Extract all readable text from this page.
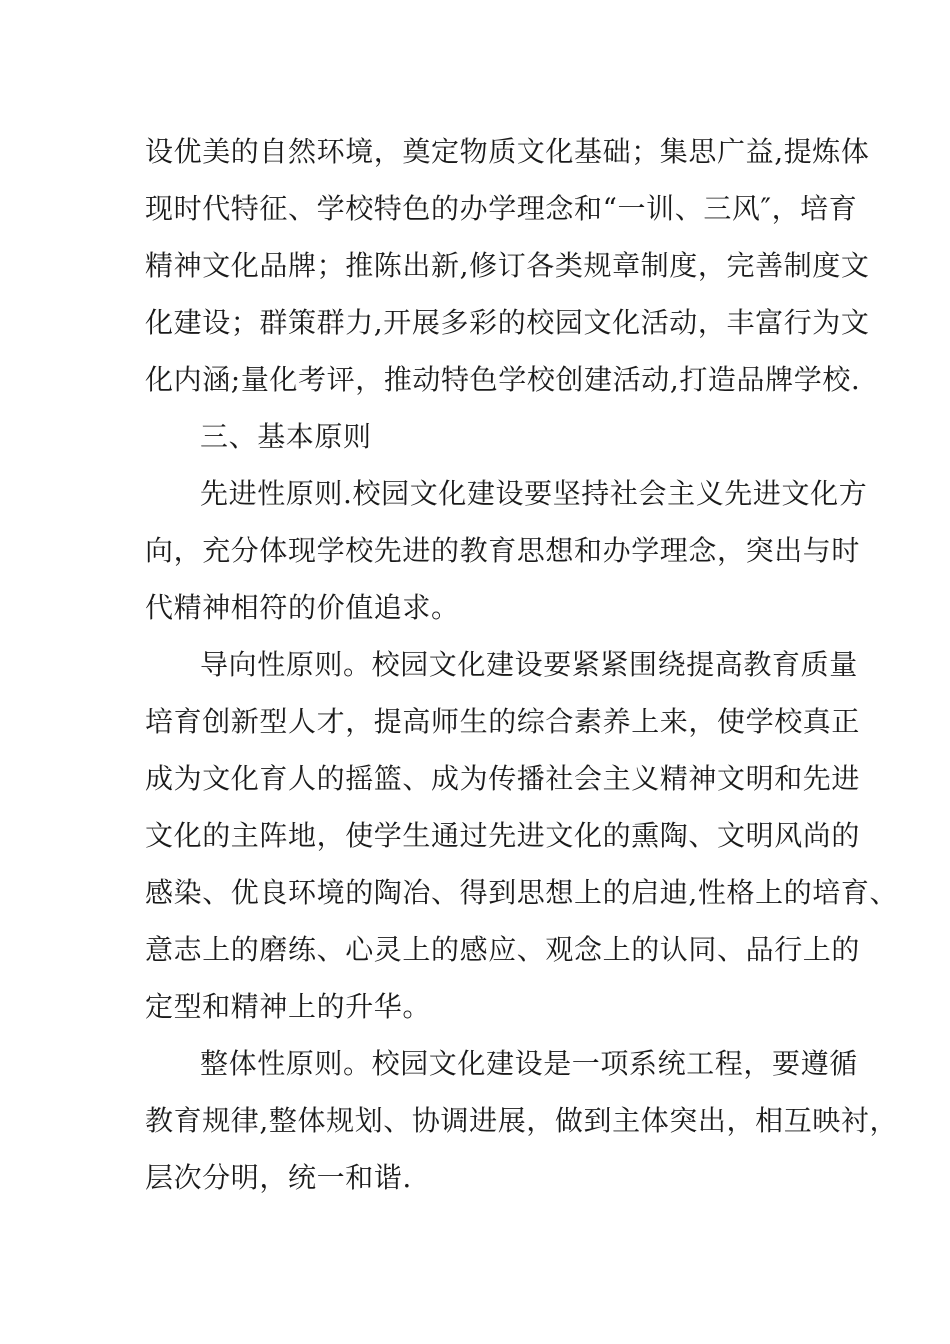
设优美的自然环境，奠定物质文化基础；集思广益,提炼体

现时代特征、学校特色的办学理念和“一训、三风″，培育

精神文化品牌；推陈出新,修订各类规章制度，完善制度文

化建设；群策群力,开展多彩的校园文化活动，丰富行为文

化内涵;量化考评，推动特色学校创建活动,打造品牌学校.

三、基本原则

先进性原则.校园文化建设要坚持社会主义先进文化方

向，充分体现学校先进的教育思想和办学理念，突出与时

代精神相符的价值追求。

导向性原则。校园文化建设要紧紧围绕提高教育质量

培育创新型人才，提高师生的综合素养上来，使学校真正

成为文化育人的摇篮、成为传播社会主义精神文明和先进

文化的主阵地，使学生通过先进文化的熏陶、文明风尚的

感染、优良环境的陶冶、得到思想上的启迪,性格上的培育、

意志上的磨练、心灵上的感应、观念上的认同、品行上的

定型和精神上的升华。

整体性原则。校园文化建设是一项系统工程，要遵循

教育规律,整体规划、协调进展，做到主体突出，相互映衬，

层次分明，统一和谐.
